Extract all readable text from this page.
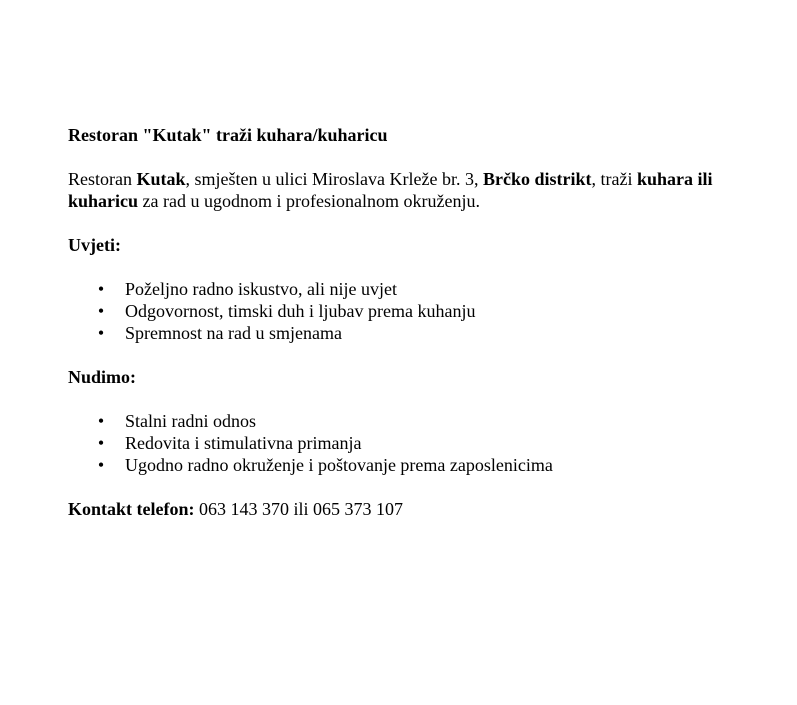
Restoran "Kutak" traži kuhara/kuharicu
Restoran Kutak, smješten u ulici Miroslava Krleže br. 3, Brčko distrikt, traži kuhara ili kuharicu za rad u ugodnom i profesionalnom okruženju.
Uvjeti:
• Poželjno radno iskustvo, ali nije uvjet
• Odgovornost, timski duh i ljubav prema kuhanju
• Spremnost na rad u smjenama
Nudimo:
• Stalni radni odnos
• Redovita i stimulativna primanja
• Ugodno radno okruženje i poštovanje prema zaposlenicima
Kontakt telefon: 063 143 370 ili 065 373 107
